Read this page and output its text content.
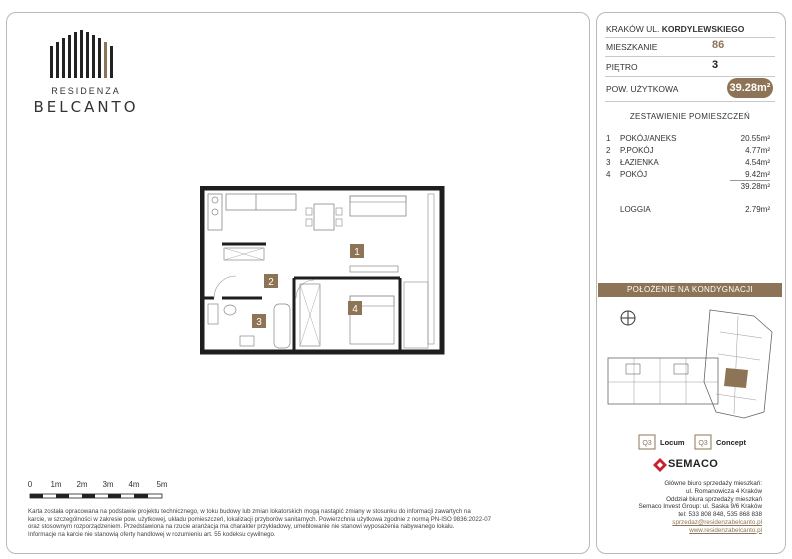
RESIDENZA
BELCANTO
1
2
3
4
0 1m 2m 3m 4m 5m
Karta została opracowana na podstawie projektu technicznego, w toku budowy lub zmian lokatorskich mogą nastąpić zmiany w stosunku do informacji zawartych na
karcie, w szczególności w zakresie pow. użytkowej, układu pomieszczeń, lokalizacji przyborów sanitarnych. Powierzchnia użytkowa zgodnie z normą PN-ISO 9836:2022-07
oraz stosownym rozporządzeniem. Przedstawiona na rzucie aranżacja ma charakter przykładowy, umeblowanie nie stanowi wyposażenia nabywanego lokalu.
Informacje na karcie nie stanowią oferty handlowej w rozumieniu art. 55 kodeksu cywilnego.
KRAKÓW UL. KORDYLEWSKIEGO
MIESZKANIE	86
PIĘTRO	3
POW. UŻYTKOWA	39.28m²
ZESTAWIENIE POMIESZCZEŃ
1 POKÓJ/ANEKS	20.55m²
2 P.POKÓJ	4.77m²
3 ŁAZIENKA	4.54m²
4 POKÓJ	9.42m²
39.28m²
LOGGIA	2.79m²
POŁOŻENIE NA KONDYGNACJI
Q3 Locum Q3 Concept
SEMACO
Główne biuro sprzedaży mieszkań:
ul. Romanowicza 4 Kraków
Oddział biura sprzedaży mieszkań
Semaco Invest Group: ul. Saska 9/6 Kraków
tel: 533 808 848, 535 868 838
sprzedaz@residenzabelcanto.pl
www.residenzabelcanto.pl
